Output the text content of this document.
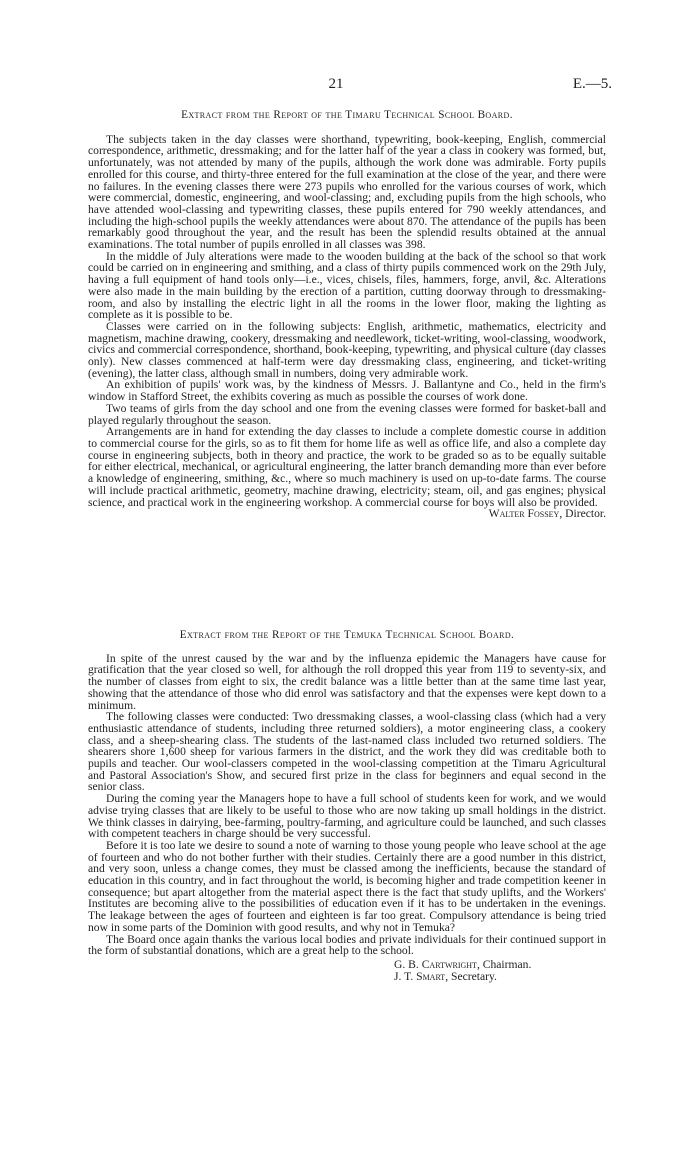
21	E.—5.
Extract from the Report of the Timaru Technical School Board.

The subjects taken in the day classes were shorthand, typewriting, book-keeping, English, commercial correspondence, arithmetic, dressmaking; and for the latter half of the year a class in cookery was formed, but, unfortunately, was not attended by many of the pupils, although the work done was admirable. Forty pupils enrolled for this course, and thirty-three entered for the full examination at the close of the year, and there were no failures. In the evening classes there were 273 pupils who enrolled for the various courses of work, which were commercial, domestic, engineering, and wool-classing; and, excluding pupils from the high schools, who have attended wool-classing and typewriting classes, these pupils entered for 790 weekly attendances, and including the high-school pupils the weekly attendances were about 870. The attendance of the pupils has been remarkably good throughout the year, and the result has been the splendid results obtained at the annual examinations. The total number of pupils enrolled in all classes was 398.

In the middle of July alterations were made to the wooden building at the back of the school so that work could be carried on in engineering and smithing, and a class of thirty pupils commenced work on the 29th July, having a full equipment of hand tools only—i.e., vices, chisels, files, hammers, forge, anvil, &c. Alterations were also made in the main building by the erection of a partition, cutting doorway through to dressmaking-room, and also by installing the electric light in all the rooms in the lower floor, making the lighting as complete as it is possible to be.

Classes were carried on in the following subjects: English, arithmetic, mathematics, electricity and magnetism, machine drawing, cookery, dressmaking and needlework, ticket-writing, wool-classing, woodwork, civics and commercial correspondence, shorthand, book-keeping, typewriting, and physical culture (day classes only). New classes commenced at half-term were day dressmaking class, engineering, and ticket-writing (evening), the latter class, although small in numbers, doing very admirable work.

An exhibition of pupils' work was, by the kindness of Messrs. J. Ballantyne and Co., held in the firm's window in Stafford Street, the exhibits covering as much as possible the courses of work done.

Two teams of girls from the day school and one from the evening classes were formed for basket-ball and played regularly throughout the season.

Arrangements are in hand for extending the day classes to include a complete domestic course in addition to commercial course for the girls, so as to fit them for home life as well as office life, and also a complete day course in engineering subjects, both in theory and practice, the work to be graded so as to be equally suitable for either electrical, mechanical, or agricultural engineering, the latter branch demanding more than ever before a knowledge of engineering, smithing, &c., where so much machinery is used on up-to-date farms. The course will include practical arithmetic, geometry, machine drawing, electricity; steam, oil, and gas engines; physical science, and practical work in the engineering workshop. A commercial course for boys will also be provided.

Walter Fossey, Director.

Extract from the Report of the Temuka Technical School Board.

In spite of the unrest caused by the war and by the influenza epidemic the Managers have cause for gratification that the year closed so well, for although the roll dropped this year from 119 to seventy-six, and the number of classes from eight to six, the credit balance was a little better than at the same time last year, showing that the attendance of those who did enrol was satisfactory and that the expenses were kept down to a minimum.

The following classes were conducted: Two dressmaking classes, a wool-classing class (which had a very enthusiastic attendance of students, including three returned soldiers), a motor engineering class, a cookery class, and a sheep-shearing class. The students of the last-named class included two returned soldiers. The shearers shore 1,600 sheep for various farmers in the district, and the work they did was creditable both to pupils and teacher. Our wool-classers competed in the wool-classing competition at the Timaru Agricultural and Pastoral Association's Show, and secured first prize in the class for beginners and equal second in the senior class.

During the coming year the Managers hope to have a full school of students keen for work, and we would advise trying classes that are likely to be useful to those who are now taking up small holdings in the district. We think classes in dairying, bee-farming, poultry-farming, and agriculture could be launched, and such classes with competent teachers in charge should be very successful.

Before it is too late we desire to sound a note of warning to those young people who leave school at the age of fourteen and who do not bother further with their studies. Certainly there are a good number in this district, and very soon, unless a change comes, they must be classed among the inefficients, because the standard of education in this country, and in fact throughout the world, is becoming higher and trade competition keener in consequence; but apart altogether from the material aspect there is the fact that study uplifts, and the Workers' Institutes are becoming alive to the possibilities of education even if it has to be undertaken in the evenings. The leakage between the ages of fourteen and eighteen is far too great. Compulsory attendance is being tried now in some parts of the Dominion with good results, and why not in Temuka?

The Board once again thanks the various local bodies and private individuals for their continued support in the form of substantial donations, which are a great help to the school.

G. B. Cartwright, Chairman.
J. T. Smart, Secretary.
